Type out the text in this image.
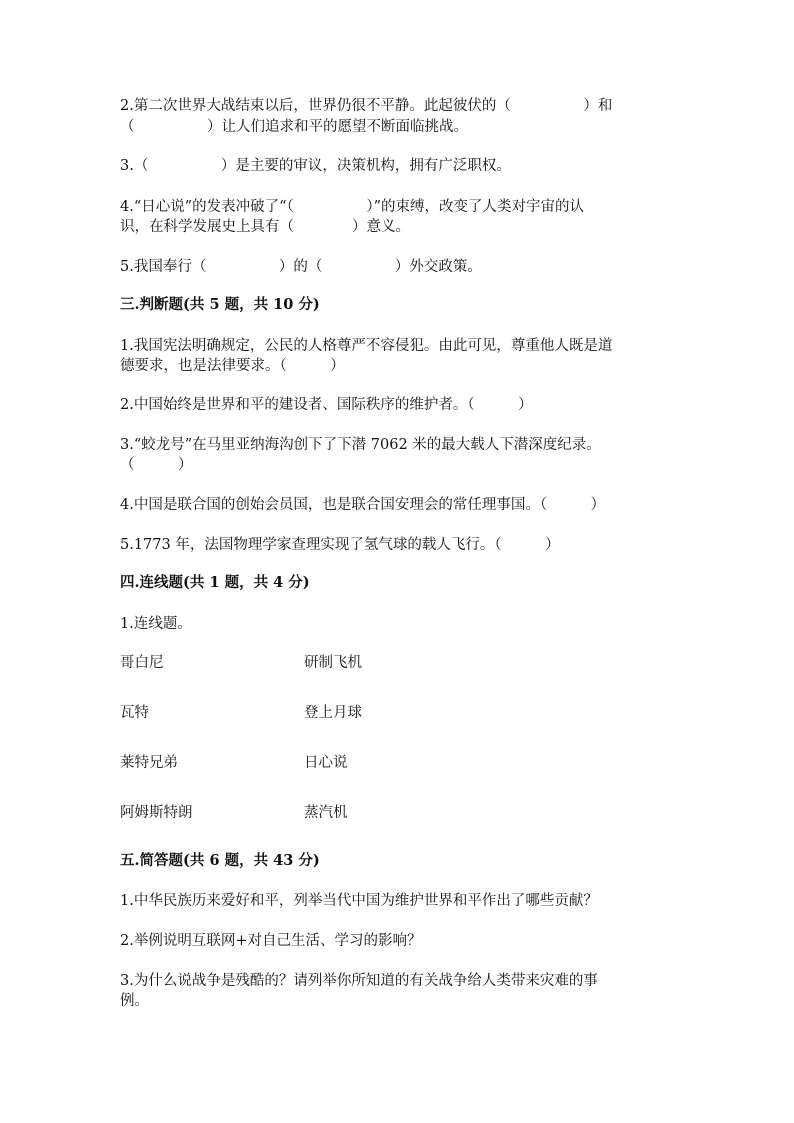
2.第二次世界大战结束以后，世界仍很不平静。此起彼伏的（　　　　　）和
（　　　　　）让人们追求和平的愿望不断面临挑战。
3.（　　　　　）是主要的审议，决策机构，拥有广泛职权。
4.“日心说”的发表冲破了“（　　　　　）”的束缚，改变了人类对宇宙的认
识，在科学发展史上具有（　　　　）意义。
5.我国奉行（　　　　　）的（　　　　　）外交政策。
三.判断题(共 5 题，共 10 分)
1.我国宪法明确规定，公民的人格尊严不容侵犯。由此可见，尊重他人既是道
德要求，也是法律要求。（　　　）
2.中国始终是世界和平的建设者、国际秩序的维护者。（　　　）
3.“蛟龙号”在马里亚纳海沟创下了下潜 7062 米的最大载人下潜深度纪录。
（　　　）
4.中国是联合国的创始会员国，也是联合国安理会的常任理事国。（　　　）
5.1773 年，法国物理学家查理实现了氢气球的载人飞行。（　　　）
四.连线题(共 1 题，共 4 分)
1.连线题。
哥白尼	研制飞机
瓦特	登上月球
莱特兄弟	日心说
阿姆斯特朗	蒸汽机
五.简答题(共 6 题，共 43 分)
1.中华民族历来爱好和平，列举当代中国为维护世界和平作出了哪些贡献？
2.举例说明互联网+对自己生活、学习的影响？
3.为什么说战争是残酷的？请列举你所知道的有关战争给人类带来灾难的事
例。
